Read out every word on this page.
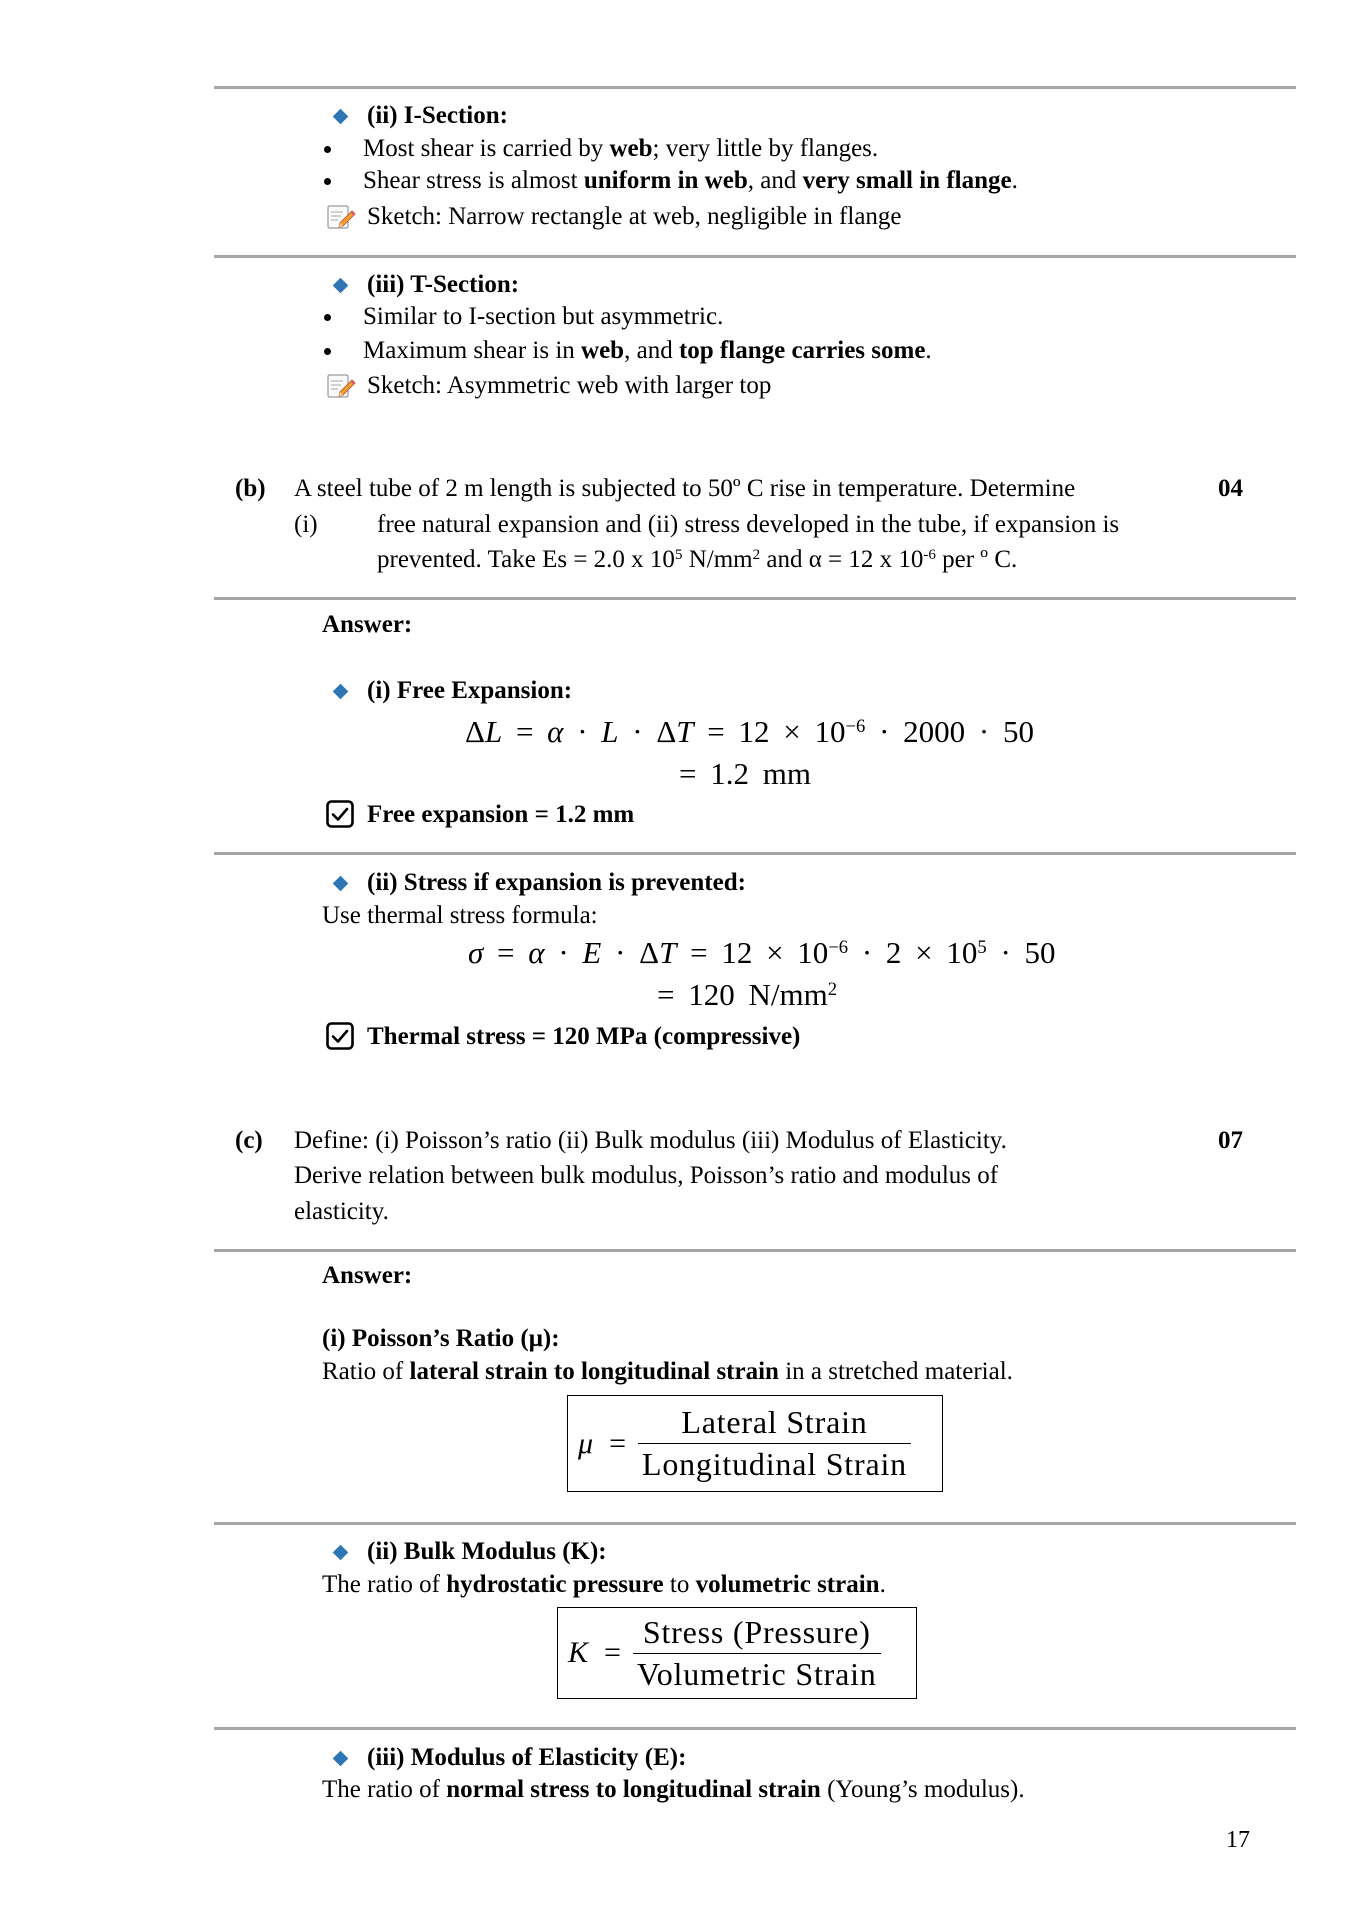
(ii) I-Section:
Most shear is carried by web; very little by flanges.
Shear stress is almost uniform in web, and very small in flange.
Sketch: Narrow rectangle at web, negligible in flange
(iii) T-Section:
Similar to I-section but asymmetric.
Maximum shear is in web, and top flange carries some.
Sketch: Asymmetric web with larger top
(b) A steel tube of 2 m length is subjected to 50º C rise in temperature. Determine	04
(i) free natural expansion and (ii) stress developed in the tube, if expansion is
prevented. Take Es = 2.0 x $10^5$ $N/mm^2$ and α = 12 x $10^{-6}$ per º C.
Answer:
(i) Free Expansion:
$\Delta L = \alpha \cdot L \cdot \Delta T = 12 \times 10^{-6} \cdot 2000 \cdot 50$
= 1.2 mm
Free expansion = 1.2 mm
(ii) Stress if expansion is prevented:
Use thermal stress formula:
$\sigma = \alpha \cdot E \cdot \Delta T = 12 \times 10^{-6} \cdot 2 \times 10^5 \cdot 50$
= 120 $N/mm^2$
Thermal stress = 120 MPa (compressive)
(c) Define: (i) Poisson’s ratio (ii) Bulk modulus (iii) Modulus of Elasticity.	07
Derive relation between bulk modulus, Poisson’s ratio and modulus of
elasticity.
Answer:
(i) Poisson’s Ratio (μ):
Ratio of lateral strain to longitudinal strain in a stretched material.
$\mu = \frac{\text{Lateral Strain}}{\text{Longitudinal Strain}}$
(ii) Bulk Modulus (K):
The ratio of hydrostatic pressure to volumetric strain.
$K = \frac{\text{Stress (Pressure)}}{\text{Volumetric Strain}}$
(iii) Modulus of Elasticity (E):
The ratio of normal stress to longitudinal strain (Young’s modulus).
17
